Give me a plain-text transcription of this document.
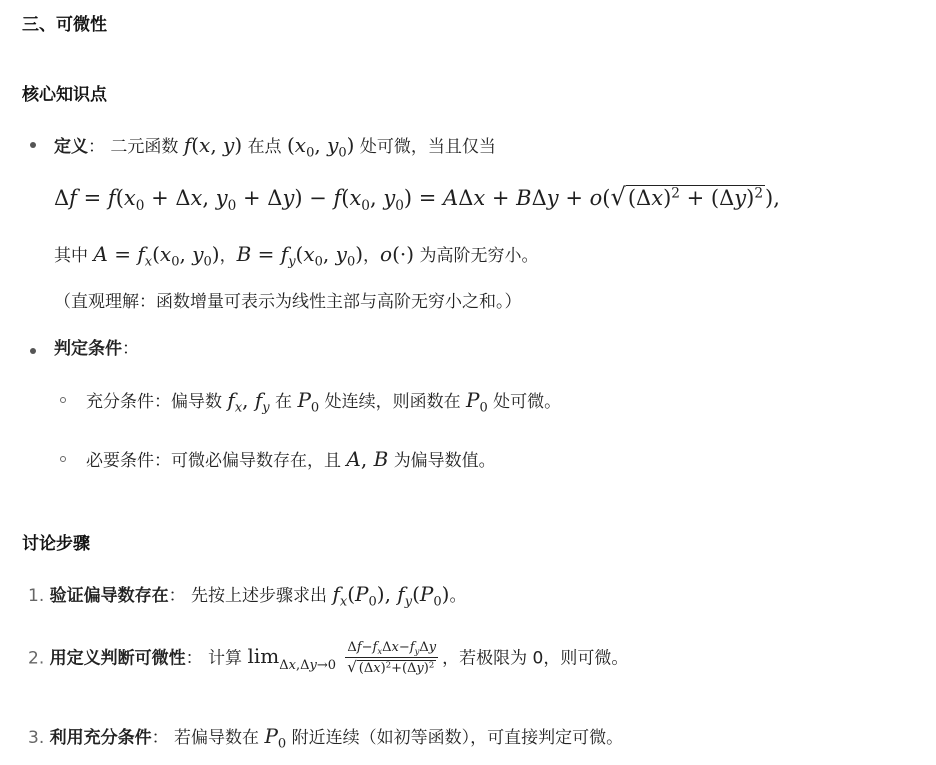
三、可微性
核心知识点
定义： 二元函数 f(x, y) 在点 ($x_0$, $y_0$) 处可微，当且仅当
$\Delta f = f(x_0 + \Delta x$, $y_0 + \Delta y) - f(x_0$, $y_0) = A\Delta x + B\Delta y + o(√(\Delta x)^2 + (\Delta y)^2)$,
其中 $A = f_x(x_0$, $y_0$)，$B = f_y(x_0$, $y_0$)，o(·) 为高阶无穷小。
（直观理解：函数增量可表示为线性主部与高阶无穷小之和。）
判定条件：
充分条件：偏导数 $f_x$, $f_y$ 在 $P_0$ 处连续，则函数在 $P_0$ 处可微。
必要条件：可微必偏导数存在，且 A, B 为偏导数值。
讨论步骤
1. 验证偏导数存在： 先按上述步骤求出 $f_x(P_0)$, $f_y(P_0)$。
2. 用定义判断可微性： 计算 $\lim_{\Delta x,\Delta y\to 0} \frac{\Delta f-f_x\Delta x-f_y\Delta y}{√ (\Delta x)^2+(\Delta y)^2}$ ，若极限为 0，则可微。
3. 利用充分条件： 若偏导数在 $P_0$ 附近连续（如初等函数），可直接判定可微。
